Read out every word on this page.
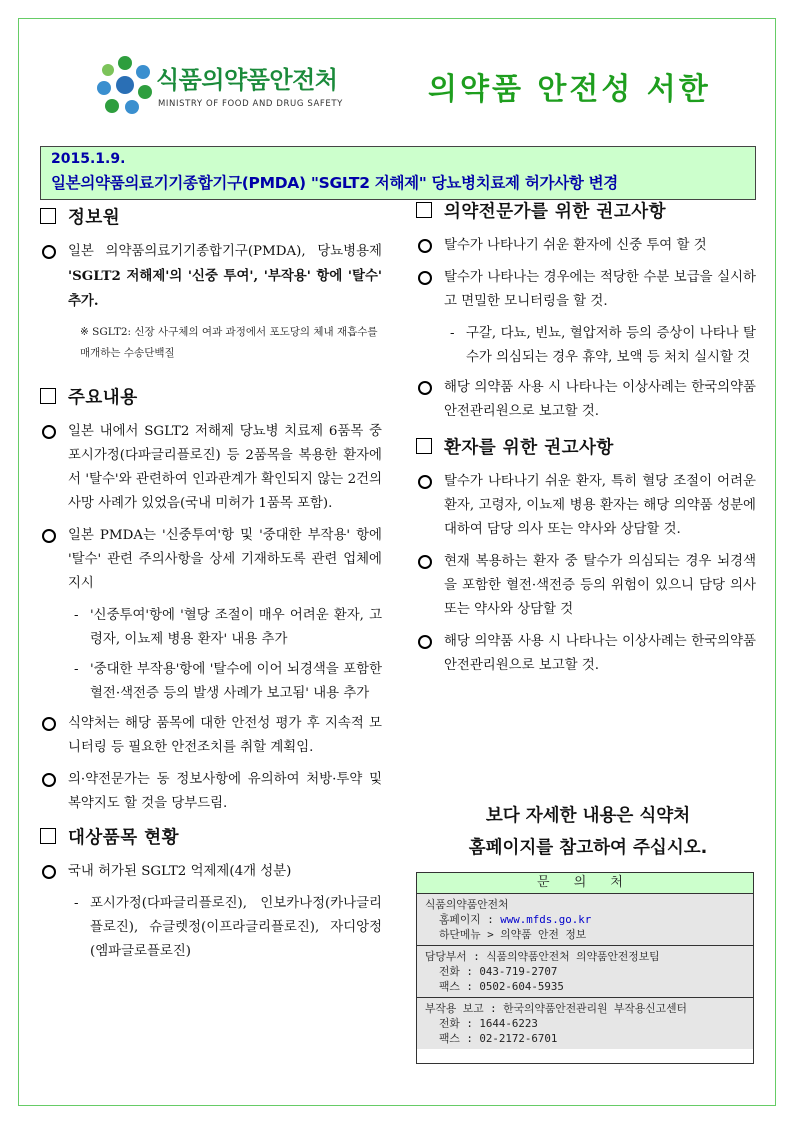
식품의약품안전처
MINISTRY OF FOOD AND DRUG SAFETY	의약품 안전성 서한
2015.1.9.
일본의약품의료기기종합기구(PMDA) "SGLT2 저해제" 당뇨병치료제 허가사항 변경
정보원
일본 의약품의료기기종합기구(PMDA), 당뇨병용제 'SGLT2 저해제'의 '신중 투여', '부작용' 항에 '탈수' 추가.
※ SGLT2: 신장 사구체의 여과 과정에서 포도당의 체내 재흡수를 매개하는 수송단백질
주요내용
일본 내에서 SGLT2 저해제 당뇨병 치료제 6품목 중 포시가정(다파글리플로진) 등 2품목을 복용한 환자에서 '탈수'와 관련하여 인과관계가 확인되지 않는 2건의 사망 사례가 있었음(국내 미허가 1품목 포함).
일본 PMDA는 '신중투여'항 및 '중대한 부작용' 항에 '탈수' 관련 주의사항을 상세 기재하도록 관련 업체에 지시
- '신중투여'항에 '혈당 조절이 매우 어려운 환자, 고령자, 이뇨제 병용 환자' 내용 추가
- '중대한 부작용'항에 '탈수에 이어 뇌경색을 포함한 혈전·색전증 등의 발생 사례가 보고됨' 내용 추가
식약처는 해당 품목에 대한 안전성 평가 후 지속적 모니터링 등 필요한 안전조치를 취할 계획임.
의·약전문가는 동 정보사항에 유의하여 처방·투약 및 복약지도 할 것을 당부드림.
대상품목 현황
국내 허가된 SGLT2 억제제(4개 성분)
- 포시가정(다파글리플로진), 인보카나정(카나글리플로진), 슈글렛정(이프라글리플로진), 자디앙정(엠파글로플로진)
의약전문가를 위한 권고사항
탈수가 나타나기 쉬운 환자에 신중 투여 할 것
탈수가 나타나는 경우에는 적당한 수분 보급을 실시하고 면밀한 모니터링을 할 것.
- 구갈, 다뇨, 빈뇨, 혈압저하 등의 증상이 나타나 탈수가 의심되는 경우 휴약, 보액 등 처치 실시할 것
해당 의약품 사용 시 나타나는 이상사례는 한국의약품안전관리원으로 보고할 것.
환자를 위한 권고사항
탈수가 나타나기 쉬운 환자, 특히 혈당 조절이 어려운 환자, 고령자, 이뇨제 병용 환자는 해당 의약품 성분에 대하여 담당 의사 또는 약사와 상담할 것.
현재 복용하는 환자 중 탈수가 의심되는 경우 뇌경색을 포함한 혈전·색전증 등의 위험이 있으니 담당 의사 또는 약사와 상담할 것
해당 의약품 사용 시 나타나는 이상사례는 한국의약품안전관리원으로 보고할 것.
보다 자세한 내용은 식약처
홈페이지를 참고하여 주십시오.
문 의 처
식품의약품안전처
홈페이지 : www.mfds.go.kr
하단메뉴 > 의약품 안전 정보
담당부서 : 식품의약품안전처 의약품안전정보팀
전화 : 043-719-2707
팩스 : 0502-604-5935
부작용 보고 : 한국의약품안전관리원 부작용신고센터
전화 : 1644-6223
팩스 : 02-2172-6701
